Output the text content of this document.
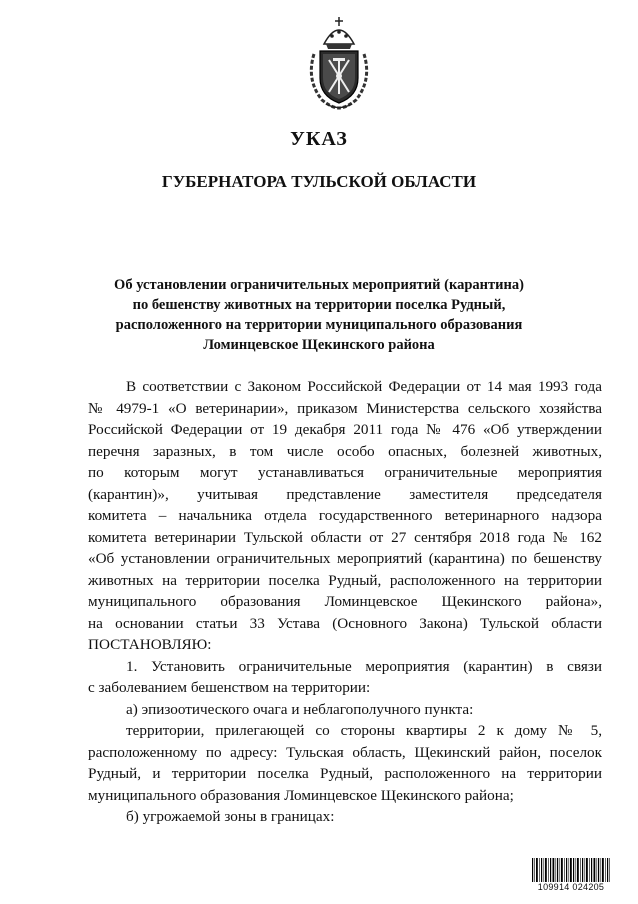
УКАЗ
ГУБЕРНАТОРА ТУЛЬСКОЙ ОБЛАСТИ
Об установлении ограничительных мероприятий (карантина)
по бешенству животных на территории поселка Рудный,
расположенного на территории муниципального образования
Ломинцевское Щекинского района
В соответствии с Законом Российской Федерации от 14 мая 1993 года
№ 4979-1 «О ветеринарии», приказом Министерства сельского хозяйства
Российской Федерации от 19 декабря 2011 года № 476 «Об утверждении
перечня заразных, в том числе особо опасных, болезней животных,
по которым могут устанавливаться ограничительные мероприятия
(карантин)», учитывая представление заместителя председателя
комитета – начальника отдела государственного ветеринарного надзора
комитета ветеринарии Тульской области от 27 сентября 2018 года № 162
«Об установлении ограничительных мероприятий (карантина) по бешенству
животных на территории поселка Рудный, расположенного на территории
муниципального образования Ломинцевское Щекинского района»,
на основании статьи 33 Устава (Основного Закона) Тульской области
ПОСТАНОВЛЯЮ:
1. Установить ограничительные мероприятия (карантин) в связи
с заболеванием бешенством на территории:
а) эпизоотического очага и неблагополучного пункта:
территории, прилегающей со стороны квартиры 2 к дому № 5,
расположенному по адресу: Тульская область, Щекинский район, поселок
Рудный, и территории поселка Рудный, расположенного на территории
муниципального образования Ломинцевское Щекинского района;
б) угрожаемой зоны в границах:
109914 024205
